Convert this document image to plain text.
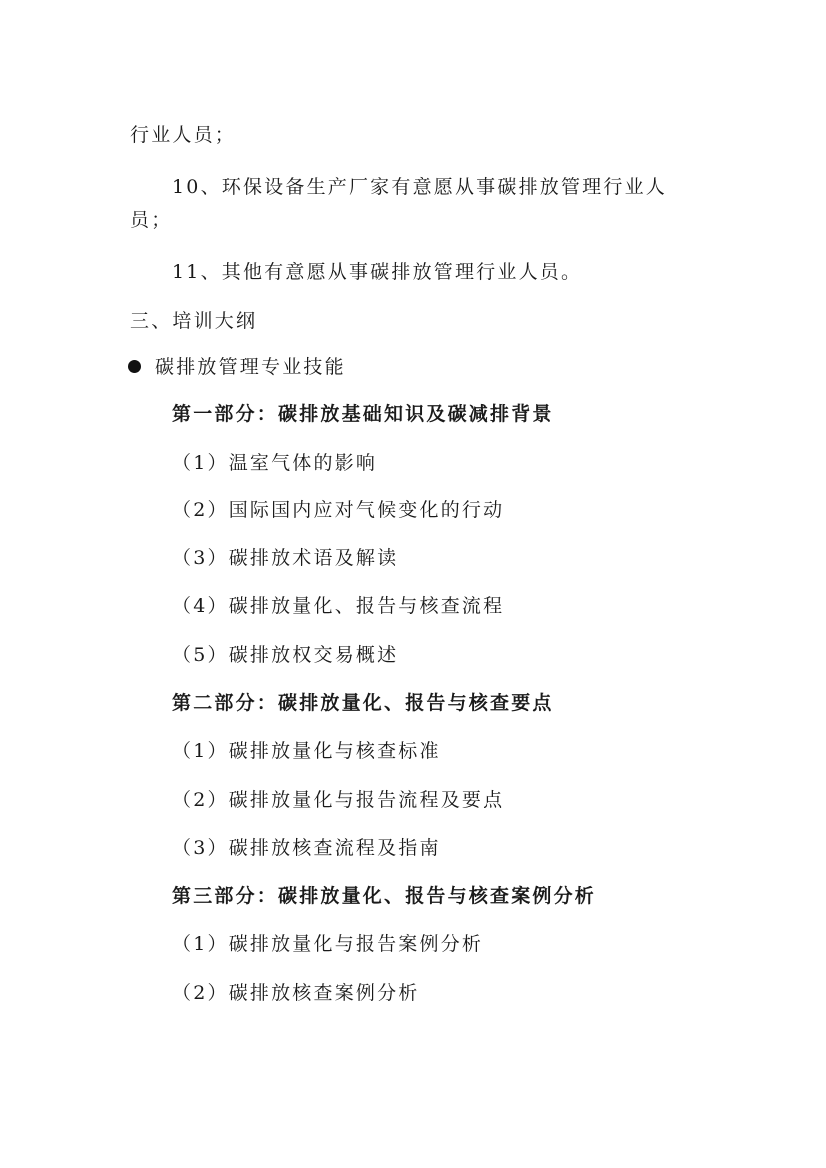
行业人员；
10、环保设备生产厂家有意愿从事碳排放管理行业人
员；
11、其他有意愿从事碳排放管理行业人员。
三、培训大纲
碳排放管理专业技能
第一部分：碳排放基础知识及碳减排背景
（1）温室气体的影响
（2）国际国内应对气候变化的行动
（3）碳排放术语及解读
（4）碳排放量化、报告与核查流程
（5）碳排放权交易概述
第二部分：碳排放量化、报告与核查要点
（1）碳排放量化与核查标准
（2）碳排放量化与报告流程及要点
（3）碳排放核查流程及指南
第三部分：碳排放量化、报告与核查案例分析
（1）碳排放量化与报告案例分析
（2）碳排放核查案例分析
